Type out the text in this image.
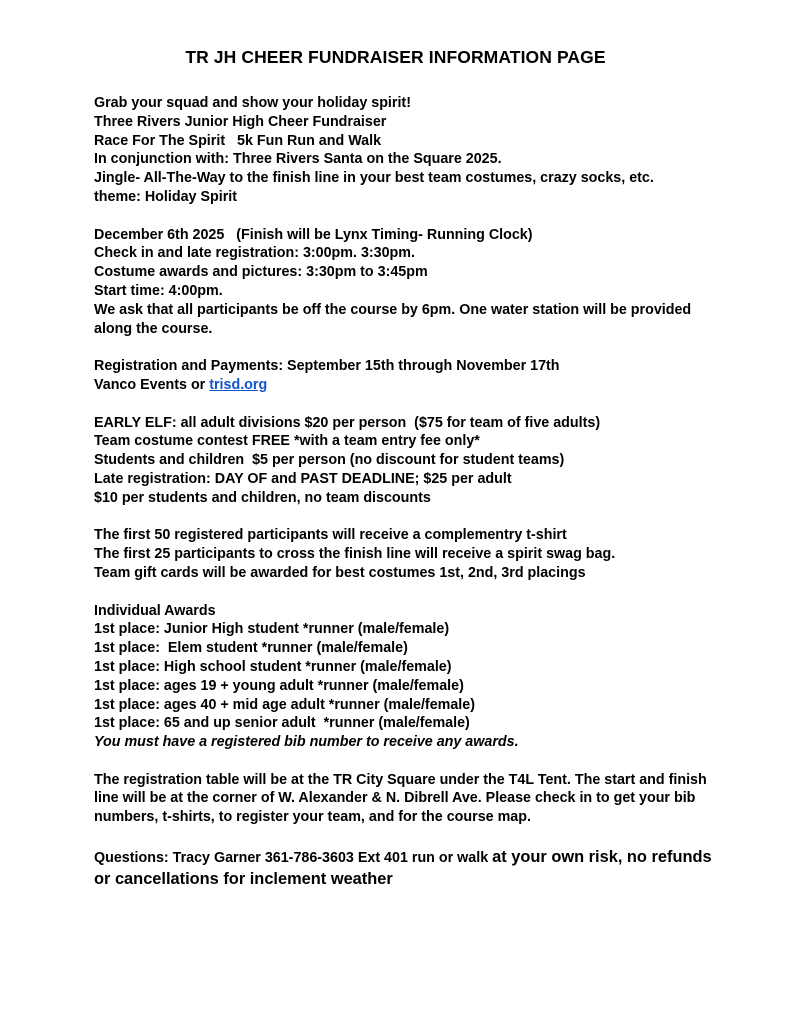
TR JH CHEER FUNDRAISER INFORMATION PAGE
Grab your squad and show your holiday spirit!
Three Rivers Junior High Cheer Fundraiser
Race For The Spirit   5k Fun Run and Walk
In conjunction with: Three Rivers Santa on the Square 2025.
Jingle- All-The-Way to the finish line in your best team costumes, crazy socks, etc.
theme: Holiday Spirit
December 6th 2025   (Finish will be Lynx Timing- Running Clock)
Check in and late registration: 3:00pm. 3:30pm.
Costume awards and pictures: 3:30pm to 3:45pm
Start time: 4:00pm.
We ask that all participants be off the course by 6pm. One water station will be provided along the course.
Registration and Payments: September 15th through November 17th
Vanco Events or trisd.org
EARLY ELF: all adult divisions $20 per person  ($75 for team of five adults)
Team costume contest FREE *with a team entry fee only*
Students and children  $5 per person (no discount for student teams)
Late registration: DAY OF and PAST DEADLINE; $25 per adult
$10 per students and children, no team discounts
The first 50 registered participants will receive a complementry t-shirt
The first 25 participants to cross the finish line will receive a spirit swag bag.
Team gift cards will be awarded for best costumes 1st, 2nd, 3rd placings
Individual Awards
1st place: Junior High student *runner (male/female)
1st place:  Elem student *runner (male/female)
1st place: High school student *runner (male/female)
1st place: ages 19 + young adult *runner (male/female)
1st place: ages 40 + mid age adult *runner (male/female)
1st place: 65 and up senior adult  *runner (male/female)
You must have a registered bib number to receive any awards.
The registration table will be at the TR City Square under the T4L Tent. The start and finish line will be at the corner of W. Alexander & N. Dibrell Ave. Please check in to get your bib numbers, t-shirts, to register your team, and for the course map.
Questions: Tracy Garner 361-786-3603 Ext 401 run or walk at your own risk, no refunds or cancellations for inclement weather
